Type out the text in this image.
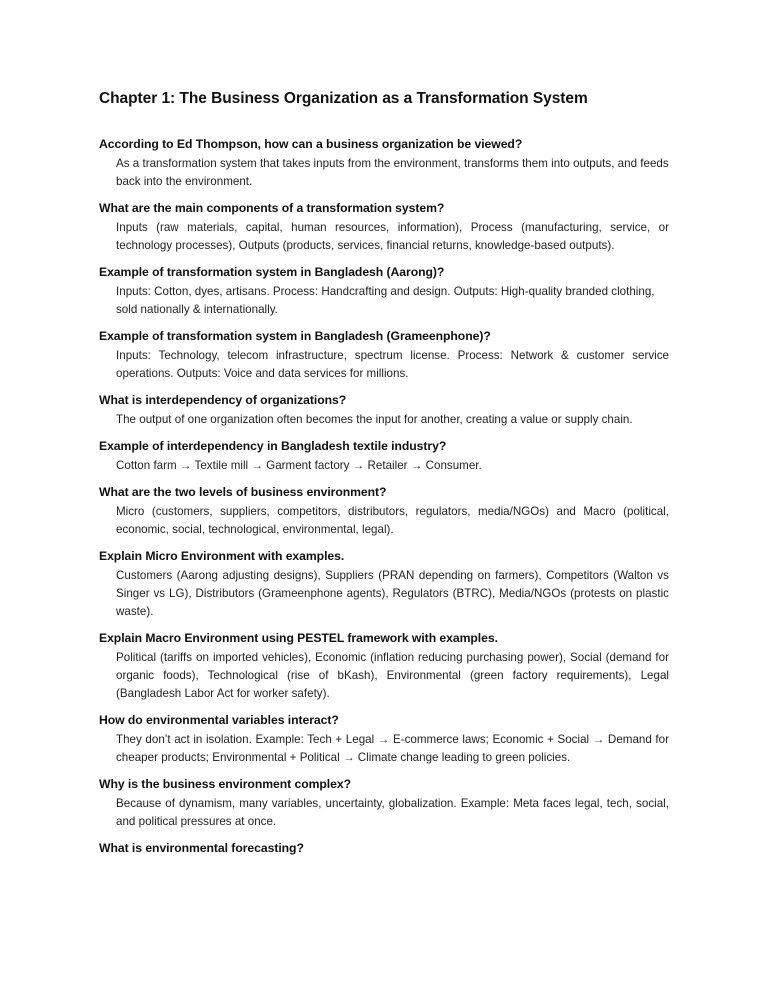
Chapter 1: The Business Organization as a Transformation System
According to Ed Thompson, how can a business organization be viewed?
As a transformation system that takes inputs from the environment, transforms them into outputs, and feeds back into the environment.
What are the main components of a transformation system?
Inputs (raw materials, capital, human resources, information), Process (manufacturing, service, or technology processes), Outputs (products, services, financial returns, knowledge-based outputs).
Example of transformation system in Bangladesh (Aarong)?
Inputs: Cotton, dyes, artisans. Process: Handcrafting and design. Outputs: High-quality branded clothing, sold nationally & internationally.
Example of transformation system in Bangladesh (Grameenphone)?
Inputs: Technology, telecom infrastructure, spectrum license. Process: Network & customer service operations. Outputs: Voice and data services for millions.
What is interdependency of organizations?
The output of one organization often becomes the input for another, creating a value or supply chain.
Example of interdependency in Bangladesh textile industry?
Cotton farm → Textile mill → Garment factory → Retailer → Consumer.
What are the two levels of business environment?
Micro (customers, suppliers, competitors, distributors, regulators, media/NGOs) and Macro (political, economic, social, technological, environmental, legal).
Explain Micro Environment with examples.
Customers (Aarong adjusting designs), Suppliers (PRAN depending on farmers), Competitors (Walton vs Singer vs LG), Distributors (Grameenphone agents), Regulators (BTRC), Media/NGOs (protests on plastic waste).
Explain Macro Environment using PESTEL framework with examples.
Political (tariffs on imported vehicles), Economic (inflation reducing purchasing power), Social (demand for organic foods), Technological (rise of bKash), Environmental (green factory requirements), Legal (Bangladesh Labor Act for worker safety).
How do environmental variables interact?
They don’t act in isolation. Example: Tech + Legal → E-commerce laws; Economic + Social → Demand for cheaper products; Environmental + Political → Climate change leading to green policies.
Why is the business environment complex?
Because of dynamism, many variables, uncertainty, globalization. Example: Meta faces legal, tech, social, and political pressures at once.
What is environmental forecasting?
